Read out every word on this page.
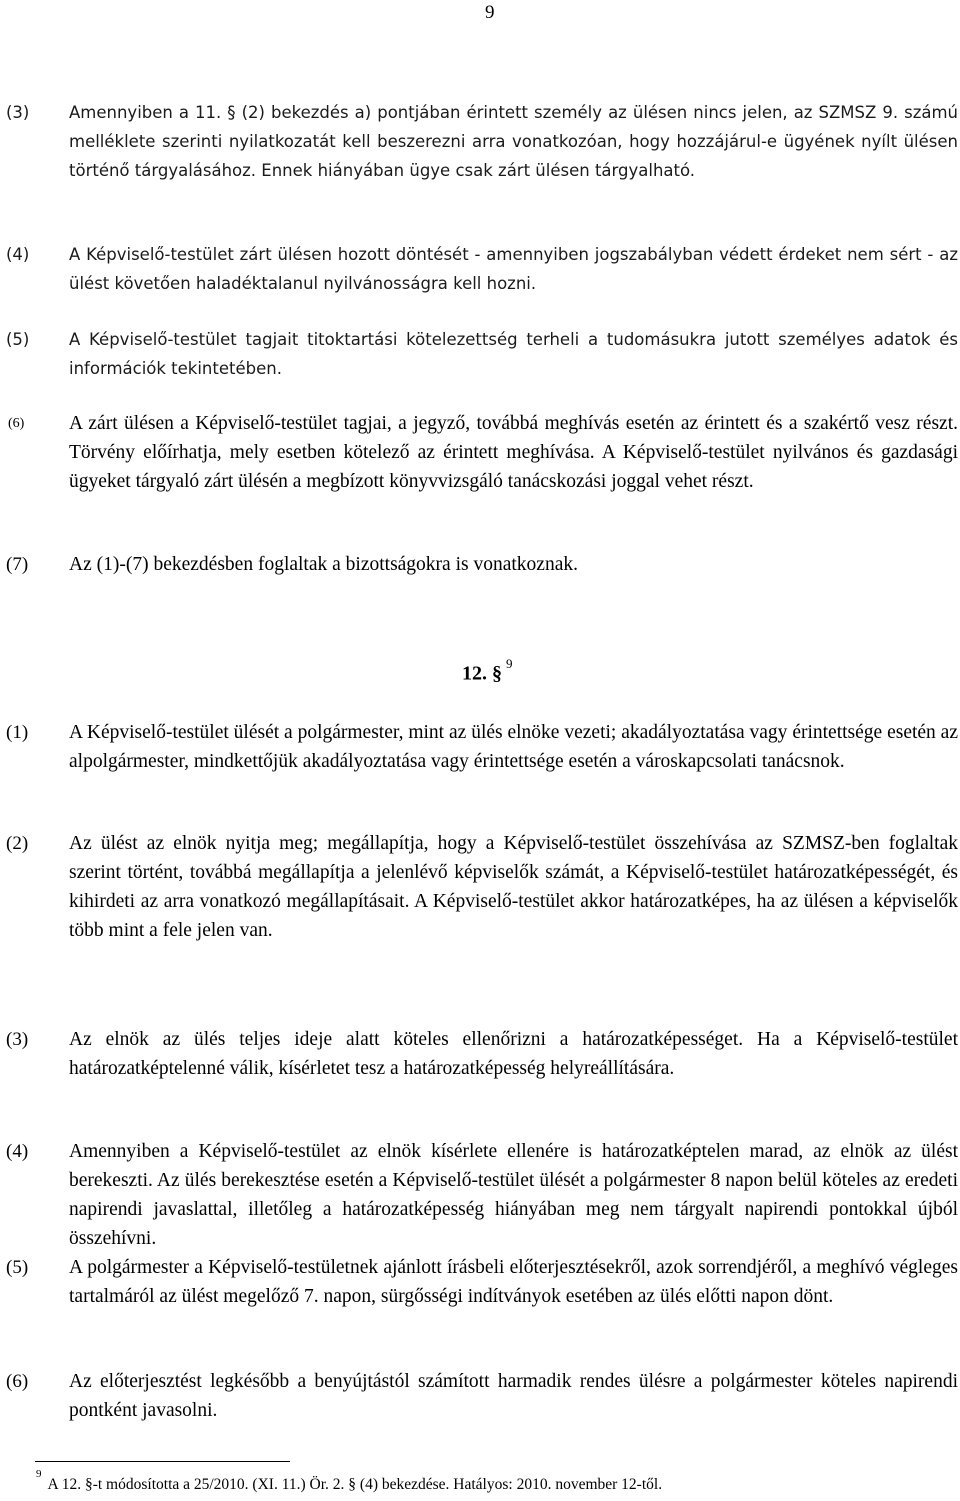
9
(3) Amennyiben a 11. § (2) bekezdés a) pontjában érintett személy az ülésen nincs jelen, az SZMSZ 9. számú melléklete szerinti nyilatkozatát kell beszerezni arra vonatkozóan, hogy hozzájárul-e ügyének nyílt ülésen történő tárgyalásához. Ennek hiányában ügye csak zárt ülésen tárgyalható.
(4) A Képviselő-testület zárt ülésen hozott döntését - amennyiben jogszabályban védett érdeket nem sért - az ülést követően haladéktalanul nyilvánosságra kell hozni.
(5) A Képviselő-testület tagjait titoktartási kötelezettség terheli a tudomásukra jutott személyes adatok és információk tekintetében.
(6) A zárt ülésen a Képviselő-testület tagjai, a jegyző, továbbá meghívás esetén az érintett és a szakértő vesz részt. Törvény előírhatja, mely esetben kötelező az érintett meghívása. A Képviselő-testület nyilvános és gazdasági ügyeket tárgyaló zárt ülésén a megbízott könyvvizsgáló tanácskozási joggal vehet részt.
(7) Az (1)-(7) bekezdésben foglaltak a bizottságokra is vonatkoznak.
12. § $^9$
(1) A Képviselő-testület ülését a polgármester, mint az ülés elnöke vezeti; akadályoztatása vagy érintettsége esetén az alpolgármester, mindkettőjük akadályoztatása vagy érintettsége esetén a városkapcsolati tanácsnok.
(2) Az ülést az elnök nyitja meg; megállapítja, hogy a Képviselő-testület összehívása az SZMSZ-ben foglaltak szerint történt, továbbá megállapítja a jelenlévő képviselők számát, a Képviselő-testület határozatképességét, és kihirdeti az arra vonatkozó megállapításait. A Képviselő-testület akkor határozatképes, ha az ülésen a képviselők több mint a fele jelen van.
(3) Az elnök az ülés teljes ideje alatt köteles ellenőrizni a határozatképességet. Ha a Képviselő-testület határozatképtelenné válik, kísérletet tesz a határozatképesség helyreállítására.
(4) Amennyiben a Képviselő-testület az elnök kísérlete ellenére is határozatképtelen marad, az elnök az ülést berekeszti. Az ülés berekesztése esetén a Képviselő-testület ülését a polgármester 8 napon belül köteles az eredeti napirendi javaslattal, illetőleg a határozatképesség hiányában meg nem tárgyalt napirendi pontokkal újból összehívni.
(5) A polgármester a Képviselő-testületnek ajánlott írásbeli előterjesztésekről, azok sorrendjéről, a meghívó végleges tartalmáról az ülést megelőző 7. napon, sürgősségi indítványok esetében az ülés előtti napon dönt.
(6) Az előterjesztést legkésőbb a benyújtástól számított harmadik rendes ülésre a polgármester köteles napirendi pontként javasolni.
$^9$A 12. §-t módosította a 25/2010. (XI. 11.) Ör. 2. § (4) bekezdése. Hatályos: 2010. november 12-től.
